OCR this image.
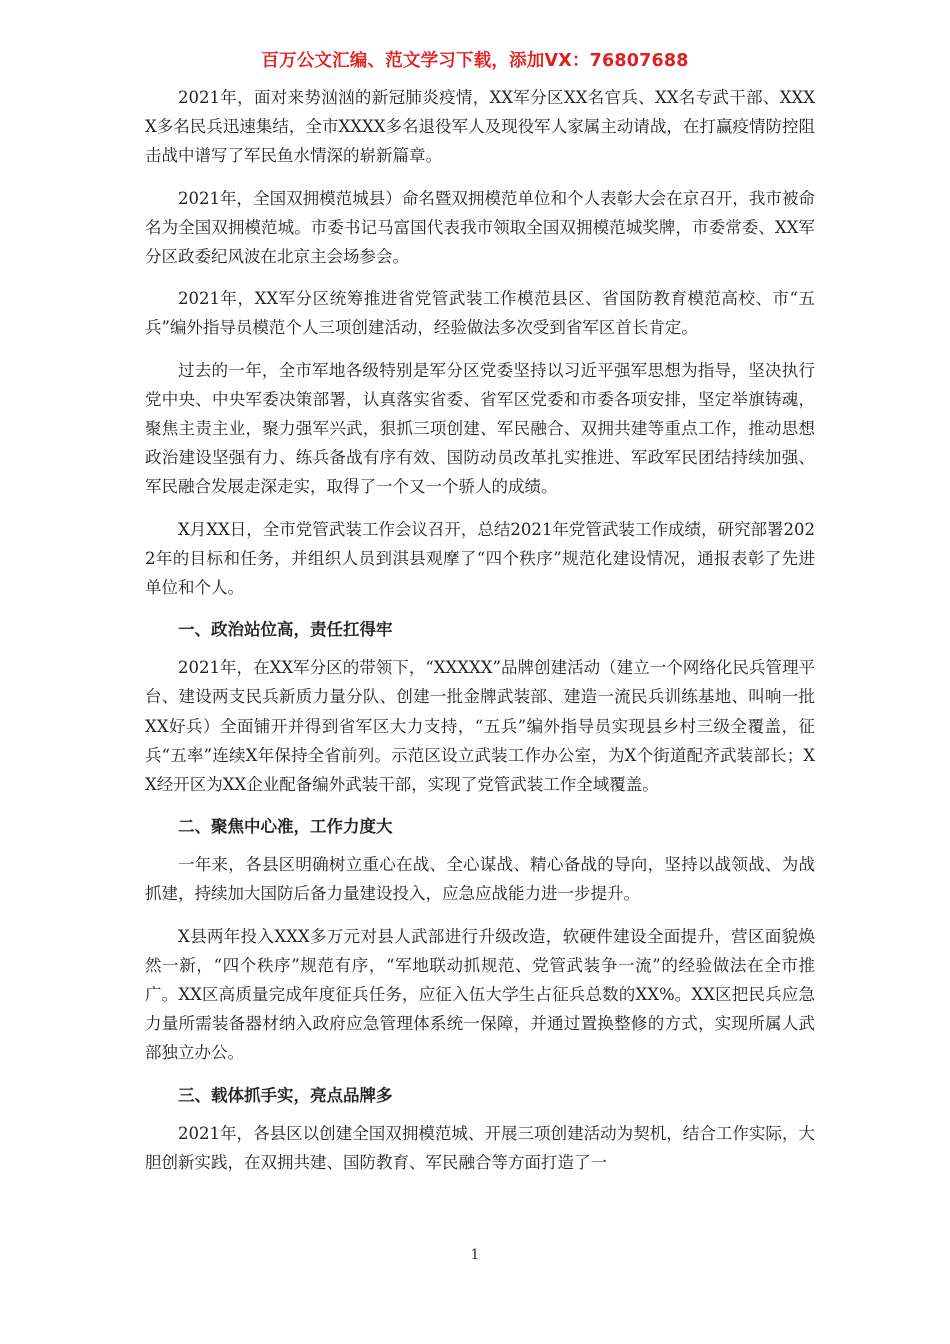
百万公文汇编、范文学习下载，添加VX：76807688

2021年，面对来势汹汹的新冠肺炎疫情，XX军分区XX名官兵、XX名专武干部、XXXX多名民兵迅速集结，全市XXXX多名退役军人及现役军人家属主动请战，在打赢疫情防控阻击战中谱写了军民鱼水情深的崭新篇章。

2021年，全国双拥模范城县）命名暨双拥模范单位和个人表彰大会在京召开，我市被命名为全国双拥模范城。市委书记马富国代表我市领取全国双拥模范城奖牌，市委常委、XX军分区政委纪风波在北京主会场参会。

2021年，XX军分区统筹推进省党管武装工作模范县区、省国防教育模范高校、市“五兵”编外指导员模范个人三项创建活动，经验做法多次受到省军区首长肯定。

过去的一年，全市军地各级特别是军分区党委坚持以习近平强军思想为指导，坚决执行党中央、中央军委决策部署，认真落实省委、省军区党委和市委各项安排，坚定举旗铸魂，聚焦主责主业，聚力强军兴武，狠抓三项创建、军民融合、双拥共建等重点工作，推动思想政治建设坚强有力、练兵备战有序有效、国防动员改革扎实推进、军政军民团结持续加强、军民融合发展走深走实，取得了一个又一个骄人的成绩。

X月XX日，全市党管武装工作会议召开，总结2021年党管武装工作成绩，研究部署2022年的目标和任务，并组织人员到淇县观摩了“四个秩序”规范化建设情况，通报表彰了先进单位和个人。

一、政治站位高，责任扛得牢

2021年，在XX军分区的带领下，“XXXXX”品牌创建活动（建立一个网络化民兵管理平台、建设两支民兵新质力量分队、创建一批金牌武装部、建造一流民兵训练基地、叫响一批XX好兵）全面铺开并得到省军区大力支持，“五兵”编外指导员实现县乡村三级全覆盖，征兵“五率”连续X年保持全省前列。示范区设立武装工作办公室，为X个街道配齐武装部长；XX经开区为XX企业配备编外武装干部，实现了党管武装工作全域覆盖。

二、聚焦中心准，工作力度大

一年来，各县区明确树立重心在战、全心谋战、精心备战的导向，坚持以战领战、为战抓建，持续加大国防后备力量建设投入，应急应战能力进一步提升。

X县两年投入XXX多万元对县人武部进行升级改造，软硬件建设全面提升，营区面貌焕然一新，“四个秩序”规范有序，“军地联动抓规范、党管武装争一流”的经验做法在全市推广。XX区高质量完成年度征兵任务，应征入伍大学生占征兵总数的XX%。XX区把民兵应急力量所需装备器材纳入政府应急管理体系统一保障，并通过置换整修的方式，实现所属人武部独立办公。

三、载体抓手实，亮点品牌多

2021年，各县区以创建全国双拥模范城、开展三项创建活动为契机，结合工作实际，大胆创新实践，在双拥共建、国防教育、军民融合等方面打造了一

1
